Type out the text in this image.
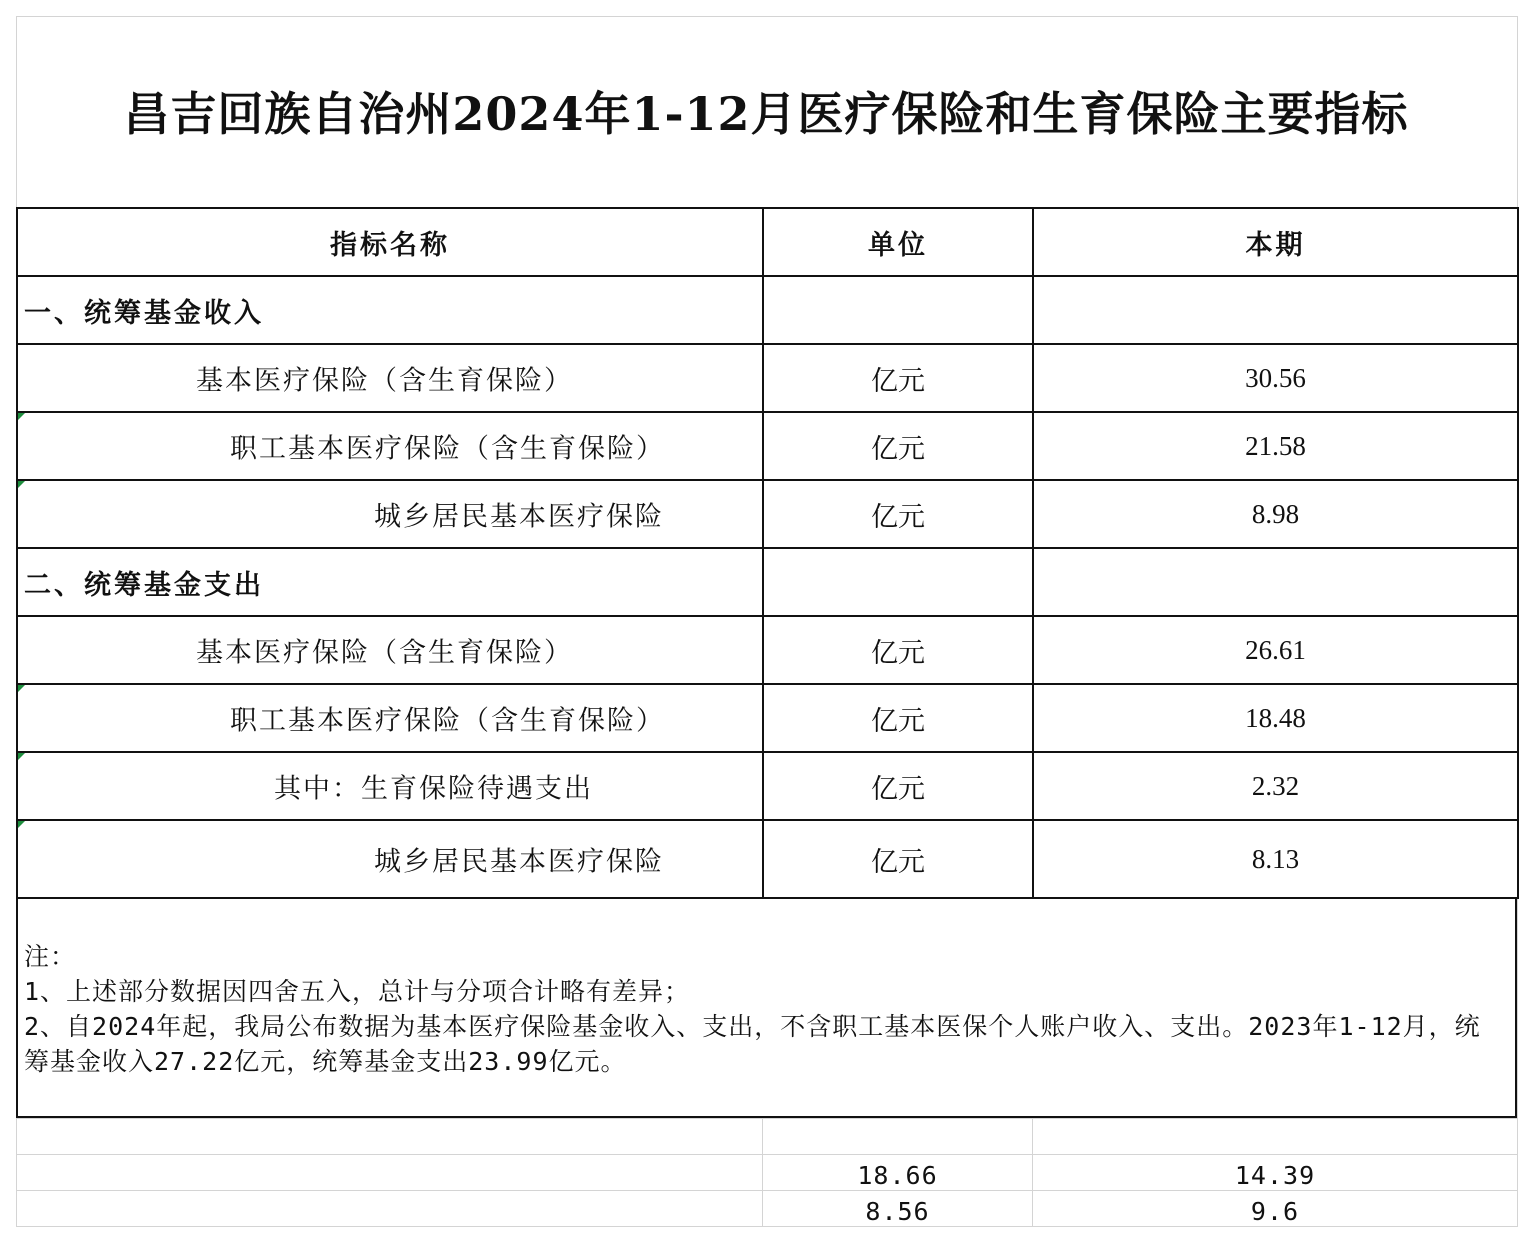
昌吉回族自治州2024年1-12月医疗保险和生育保险主要指标
指标名称	单位	本期
一、统筹基金收入		

基本医疗保险（含生育保险）	亿元	30.56

职工基本医疗保险（含生育保险）	亿元	21.58

城乡居民基本医疗保险	亿元	8.98
二、统筹基金支出		

基本医疗保险（含生育保险）	亿元	26.61

职工基本医疗保险（含生育保险）	亿元	18.48

其中：生育保险待遇支出	亿元	2.32

城乡居民基本医疗保险	亿元	8.13
注：
1、上述部分数据因四舍五入，总计与分项合计略有差异；
2、自2024年起，我局公布数据为基本医疗保险基金收入、支出，不含职工基本医保个人账户收入、支出。2023年1-12月，统筹基金收入27.22亿元，统筹基金支出23.99亿元。

	18.66	14.39
	8.56	9.6
